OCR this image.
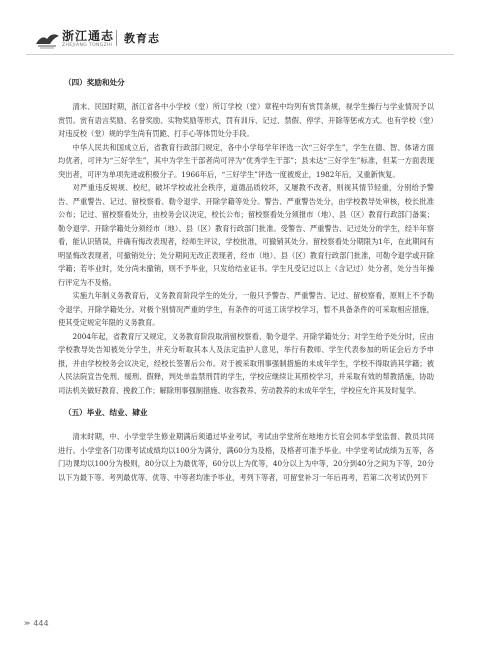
浙江通志
ZHEJIANG TONGZHI
教育志
（四）奖励和处分

清末、民国时期，浙江省各中小学校（堂）所订学校（堂）章程中均列有赏罚条规，视学生操行与学业情况予以赏罚。赏有语言奖励、名誉奖励、实物奖励等形式，罚有训斥、记过、禁假、停学、开除等惩戒方式。也有学校（堂）对违反校（堂）规的学生尚有罚跪、打手心等体罚处分手段。

中华人民共和国成立后，省教育行政部门规定，各中小学每学年评选一次“三好学生”，学生在德、智、体诸方面均优者，可评为“三好学生”，其中为学生干部者尚可评为“优秀学生干部”；县未达“三好学生”标准，但某一方面表现突出者，可评为单项先进或积极分子。1966年后，“三好学生”评选一度被废止，1982年后，又重新恢复。

对严重违反规规、校纪，破坏学校或社会秩序，道德品质较坏，又屡教不改者，则视其情节轻重，分别给予警告、严重警告、记过、留校察看、勒令退学、开除学籍等处分。警告、严重警告处分，由学校教导处审核，校长批准公布；记过、留校察看处分，由校务会议决定，校长公布；留校察看处分须报市（地）、县（区）教育行政部门备案；勒令退学、开除学籍处分须经市（地）、县（区）教育行政部门批准。受警告、严重警告、记过处分的学生，经半年察看，能认识错误，并确有悔改表现者，经师生评议，学校批准，可撤销其处分。留校察看处分期限为1年，在此期间有明显悔改表现者，可撤销处分；处分期间无改正表现者，经市（地）、县（区）教育行政部门批准，可勒令退学或开除学籍；若毕业时，处分尚未撤销，则不予毕业，只发给结业证书。学生凡受记过以上（含记过）处分者，处分当年操行评定为不及格。

实施九年制义务教育后，义务教育阶段学生的处分，一般只予警告、严重警告、记过、留校察看，原则上不予勒令退学、开除学籍处分。对极个别情况严重的学生，有条件的可送工读学校学习，暂不具备条件的可采取相应措施，使其受定规定年限的义务教育。

2004年起，省教育厅又规定，义务教育阶段取消留校察看、勒令退学、开除学籍处分；对学生给予处分时，应由学校教导处告知被处分学生，并充分听取其本人及法定监护人意见，举行有教师、学生代表参加的听证会后方予申报，并由学校校务会议决定，经校长签署后公布。对于被采取刑事强制措施的未成年学生，学校不得取消其学籍；被人民法院宣告免刑、缓刑、假释，判处单监禁刑罚的学生，学校应继续让其照校学习，并采取有效的帮教措施，协助司法机关做好教育、挽救工作；解除刑事强制措施、收容教养、劳动教养的未成年学生，学校应允许其及时复学。

（五）毕业、结业、肄业

清末时期，中、小学堂学生修业期满后须通过毕业考试，考试由学堂所在地地方长官会同本学堂监督、教员共同进行。小学堂各门功课考试成绩均以100分为满分，满60分为及格，及格者可准予毕业。中学堂考试成绩为五等，各门功课均以100分为极则，80分以上为最优等，60分以上为优等，40分以上为中等，20分到40分之间为下等，20分以下为最下等。考列最优等、优等、中等者均准予毕业，考列下等者，可留堂补习一年后再考，若第二次考试仍列下

≫ 444
